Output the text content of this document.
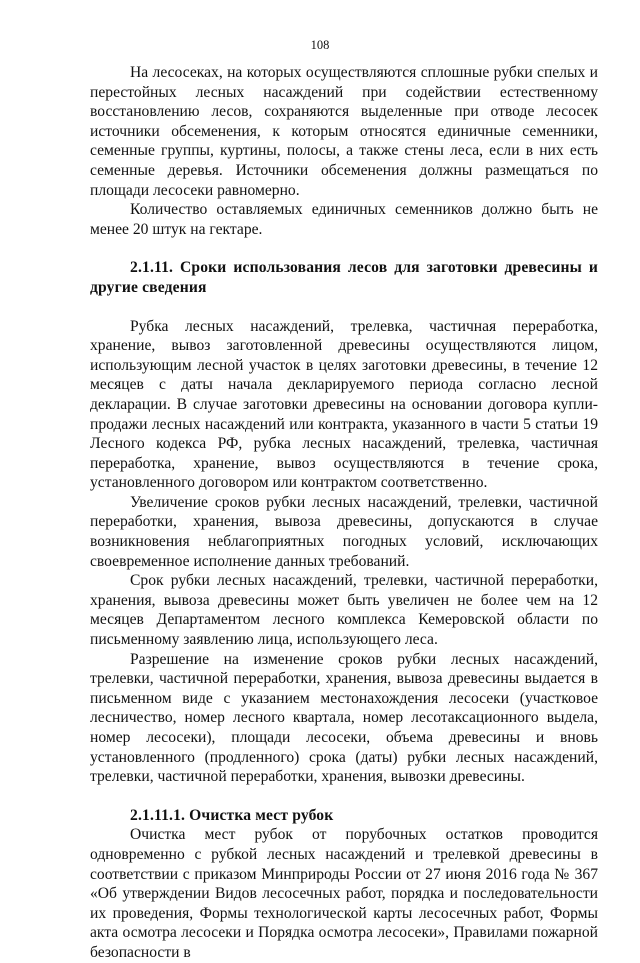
108

На лесосеках, на которых осуществляются сплошные рубки спелых и перестойных лесных насаждений при содействии естественному восстановлению лесов, сохраняются выделенные при отводе лесосек источники обсеменения, к которым относятся единичные семенники, семенные группы, куртины, полосы, а также стены леса, если в них есть семенные деревья. Источники обсеменения должны размещаться по площади лесосеки равномерно.

Количество оставляемых единичных семенников должно быть не менее 20 штук на гектаре.

2.1.11. Сроки использования лесов для заготовки древесины и другие сведения

Рубка лесных насаждений, трелевка, частичная переработка, хранение, вывоз заготовленной древесины осуществляются лицом, использующим лесной участок в целях заготовки древесины, в течение 12 месяцев с даты начала декларируемого периода согласно лесной декларации. В случае заготовки древесины на основании договора купли-продажи лесных насаждений или контракта, указанного в части 5 статьи 19 Лесного кодекса РФ, рубка лесных насаждений, трелевка, частичная переработка, хранение, вывоз осуществляются в течение срока, установленного договором или контрактом соответственно.

Увеличение сроков рубки лесных насаждений, трелевки, частичной переработки, хранения, вывоза древесины, допускаются в случае возникновения неблагоприятных погодных условий, исключающих своевременное исполнение данных требований.

Срок рубки лесных насаждений, трелевки, частичной переработки, хранения, вывоза древесины может быть увеличен не более чем на 12 месяцев Департаментом лесного комплекса Кемеровской области по письменному заявлению лица, использующего леса.

Разрешение на изменение сроков рубки лесных насаждений, трелевки, частичной переработки, хранения, вывоза древесины выдается в письменном виде с указанием местонахождения лесосеки (участковое лесничество, номер лесного квартала, номер лесотаксационного выдела, номер лесосеки), площади лесосеки, объема древесины и вновь установленного (продленного) срока (даты) рубки лесных насаждений, трелевки, частичной переработки, хранения, вывозки древесины.

2.1.11.1. Очистка мест рубок

Очистка мест рубок от порубочных остатков проводится одновременно с рубкой лесных насаждений и трелевкой древесины в соответствии с приказом Минприроды России от 27 июня 2016 года № 367 «Об утверждении Видов лесосечных работ, порядка и последовательности их проведения, Формы технологической карты лесосечных работ, Формы акта осмотра лесосеки и Порядка осмотра лесосеки», Правилами пожарной безопасности в
